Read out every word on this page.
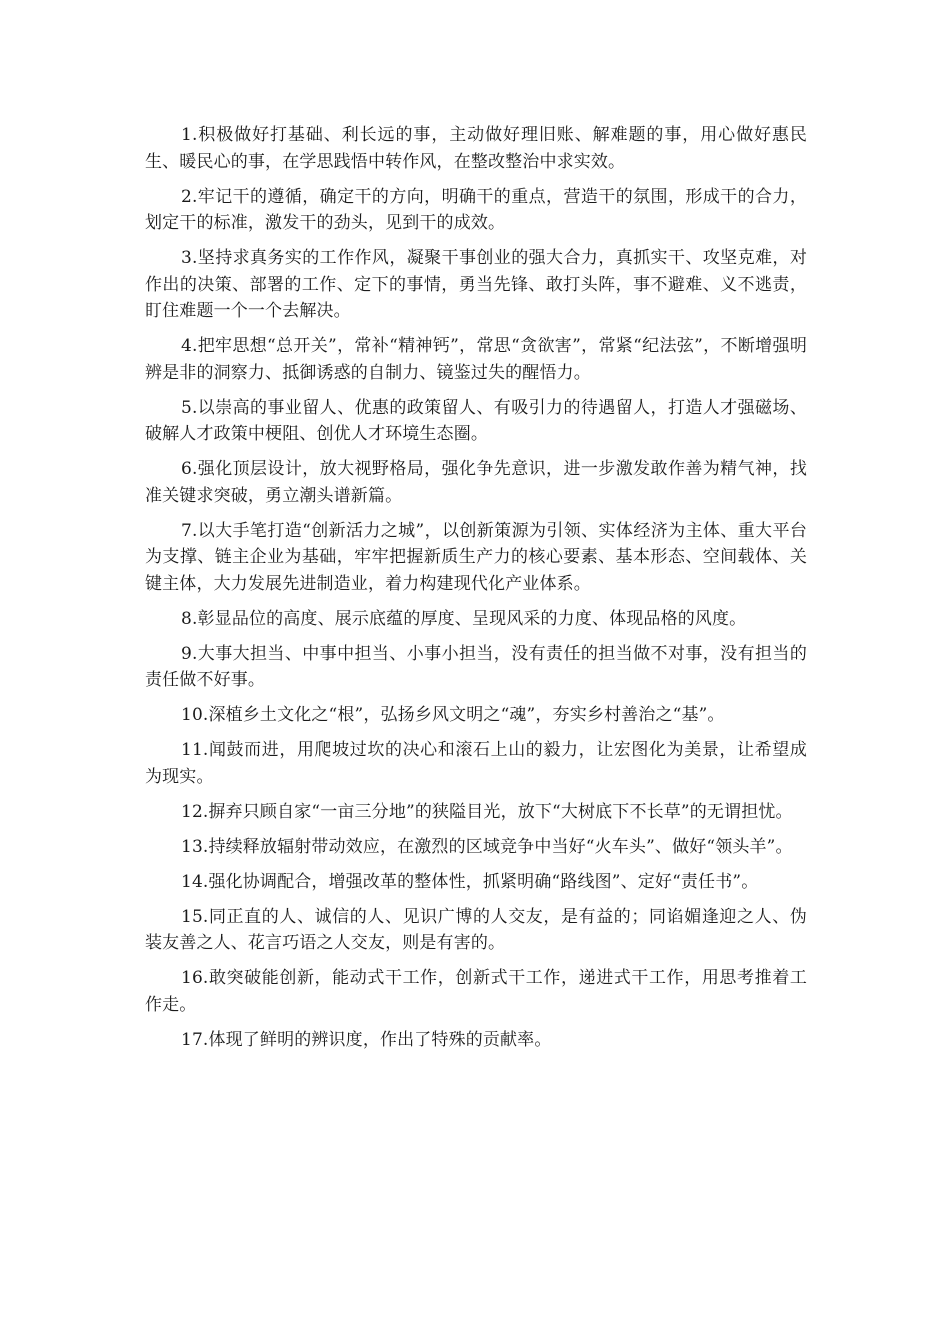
1.积极做好打基础、利长远的事，主动做好理旧账、解难题的事，用心做好惠民生、暖民心的事，在学思践悟中转作风，在整改整治中求实效。

2.牢记干的遵循，确定干的方向，明确干的重点，营造干的氛围，形成干的合力，划定干的标准，激发干的劲头，见到干的成效。

3.坚持求真务实的工作作风，凝聚干事创业的强大合力，真抓实干、攻坚克难，对作出的决策、部署的工作、定下的事情，勇当先锋、敢打头阵，事不避难、义不逃责，盯住难题一个一个去解决。

4.把牢思想“总开关”，常补“精神钙”，常思“贪欲害”，常紧“纪法弦”，不断增强明辨是非的洞察力、抵御诱惑的自制力、镜鉴过失的醒悟力。

5.以崇高的事业留人、优惠的政策留人、有吸引力的待遇留人，打造人才强磁场、破解人才政策中梗阻、创优人才环境生态圈。

6.强化顶层设计，放大视野格局，强化争先意识，进一步激发敢作善为精气神，找准关键求突破，勇立潮头谱新篇。

7.以大手笔打造“创新活力之城”，以创新策源为引领、实体经济为主体、重大平台为支撑、链主企业为基础，牢牢把握新质生产力的核心要素、基本形态、空间载体、关键主体，大力发展先进制造业，着力构建现代化产业体系。

8.彰显品位的高度、展示底蕴的厚度、呈现风采的力度、体现品格的风度。

9.大事大担当、中事中担当、小事小担当，没有责任的担当做不对事，没有担当的责任做不好事。

10.深植乡土文化之“根”，弘扬乡风文明之“魂”，夯实乡村善治之“基”。

11.闻鼓而进，用爬坡过坎的决心和滚石上山的毅力，让宏图化为美景，让希望成为现实。

12.摒弃只顾自家“一亩三分地”的狭隘目光，放下“大树底下不长草”的无谓担忧。

13.持续释放辐射带动效应，在激烈的区域竞争中当好“火车头”、做好“领头羊”。

14.强化协调配合，增强改革的整体性，抓紧明确“路线图”、定好“责任书”。

15.同正直的人、诚信的人、见识广博的人交友，是有益的；同谄媚逢迎之人、伪装友善之人、花言巧语之人交友，则是有害的。

16.敢突破能创新，能动式干工作，创新式干工作，递进式干工作，用思考推着工作走。

17.体现了鲜明的辨识度，作出了特殊的贡献率。
